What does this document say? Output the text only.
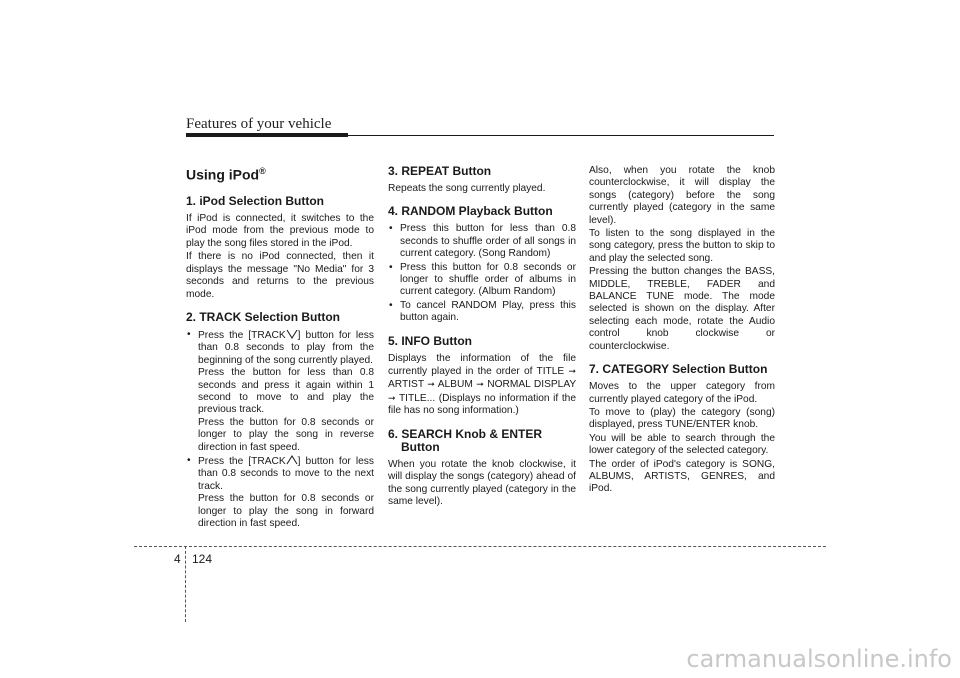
Features of your vehicle
Using iPod®
1. iPod Selection Button

If iPod is connected, it switches to the iPod mode from the previous mode to play the song files stored in the iPod.

If there is no iPod connected, then it displays the message "No Media" for 3 seconds and returns to the previous mode.

2. TRACK Selection Button

• Press the [TRACK ] button for less than 0.8 seconds to play from the beginning of the song currently played.

Press the button for less than 0.8 seconds and press it again within 1 second to move to and play the previous track.

Press the button for 0.8 seconds or longer to play the song in reverse direction in fast speed.

• Press the [TRACK ] button for less than 0.8 seconds to move to the next track.

Press the button for 0.8 seconds or longer to play the song in forward direction in fast speed.

3. REPEAT Button

Repeats the song currently played.

4. RANDOM Playback Button
• Press this button for less than 0.8 seconds to shuffle order of all songs in current category. (Song Random)
• Press this button for 0.8 seconds or longer to shuffle order of albums in current category. (Album Random)
• To cancel RANDOM Play, press this button again.
5. INFO Button

Displays the information of the file currently played in the order of TITLE ➞ ARTIST ➞ ALBUM ➞ NORMAL DISPLAY ➞ TITLE... (Displays no information if the file has no song information.)

6. SEARCH Knob & ENTER
Button

When you rotate the knob clockwise, it will display the songs (category) ahead of the song currently played (category in the same level).

Also, when you rotate the knob counterclockwise, it will display the songs (category) before the song currently played (category in the same level).

To listen to the song displayed in the song category, press the button to skip to and play the selected song.

Pressing the button changes the BASS, MIDDLE, TREBLE, FADER and BALANCE TUNE mode. The mode selected is shown on the display. After selecting each mode, rotate the Audio control knob clockwise or counterclockwise.

7. CATEGORY Selection Button

Moves to the upper category from currently played category of the iPod.

To move to (play) the category (song) displayed, press TUNE/ENTER knob.

You will be able to search through the lower category of the selected category.

The order of iPod's category is SONG, ALBUMS, ARTISTS, GENRES, and iPod.

4 124
carmanualsonline.info
